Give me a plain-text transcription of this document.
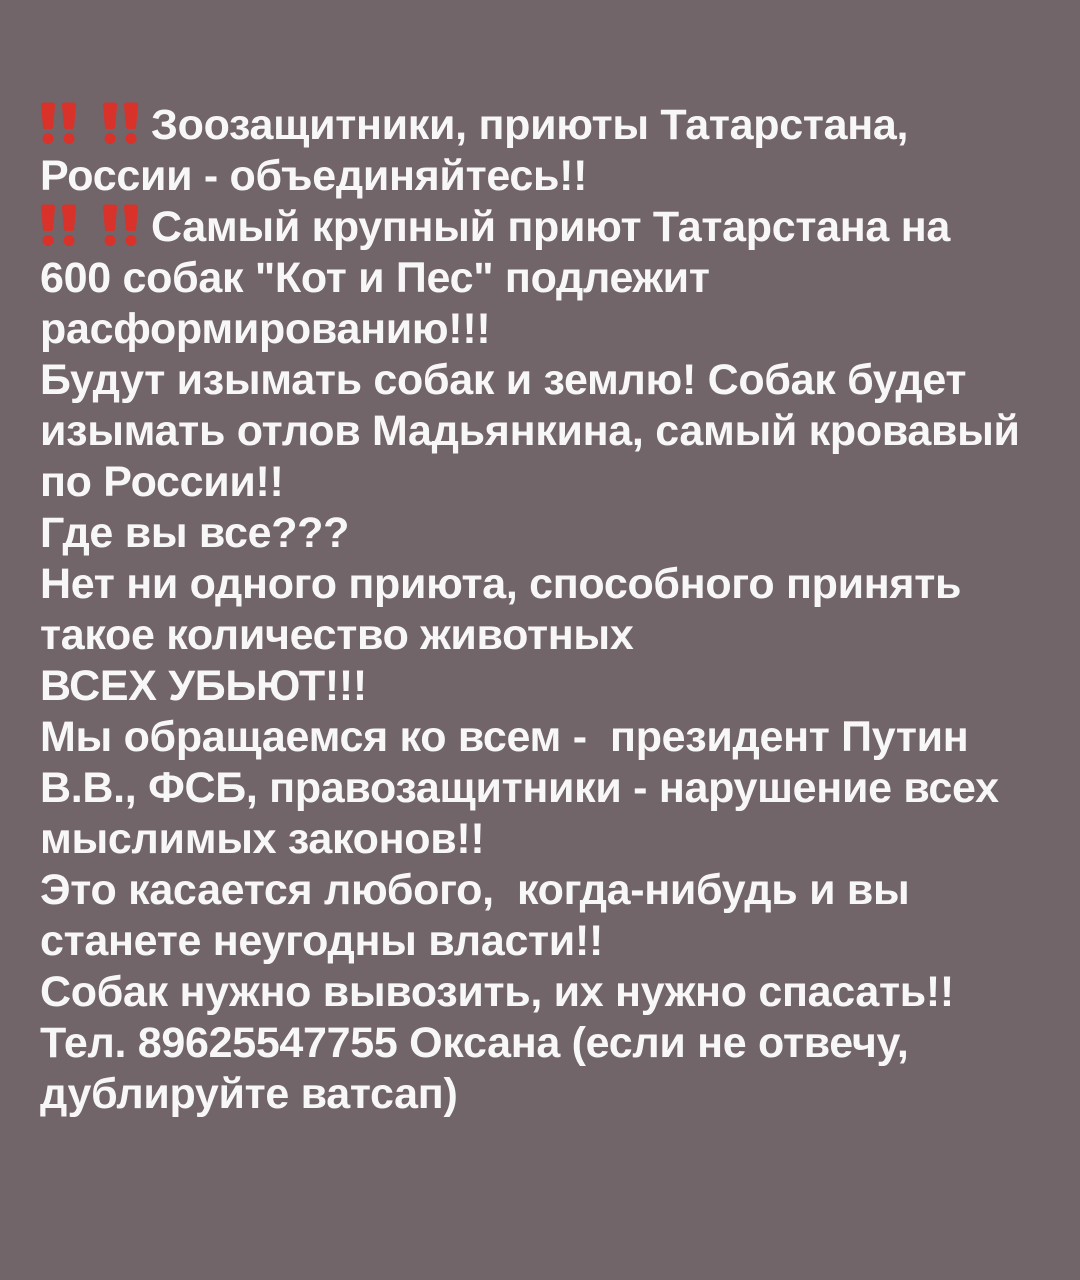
Зоозащитники, приюты Татарстана,
России - объединяйтесь!!
Самый крупный приют Татарстана на
600 собак "Кот и Пес" подлежит
расформированию!!!
Будут изымать собак и землю! Собак будет
изымать отлов Мадьянкина, самый кровавый
по России!!
Где вы все???
Нет ни одного приюта, способного принять
такое количество животных
ВСЕХ УБЬЮТ!!!
Мы обращаемся ко всем -  президент Путин
В.В., ФСБ, правозащитники - нарушение всех
мыслимых законов!!
Это касается любого,  когда-нибудь и вы
станете неугодны власти!!
Собак нужно вывозить, их нужно спасать!!
Тел. 89625547755 Оксана (если не отвечу,
дублируйте ватсап)
